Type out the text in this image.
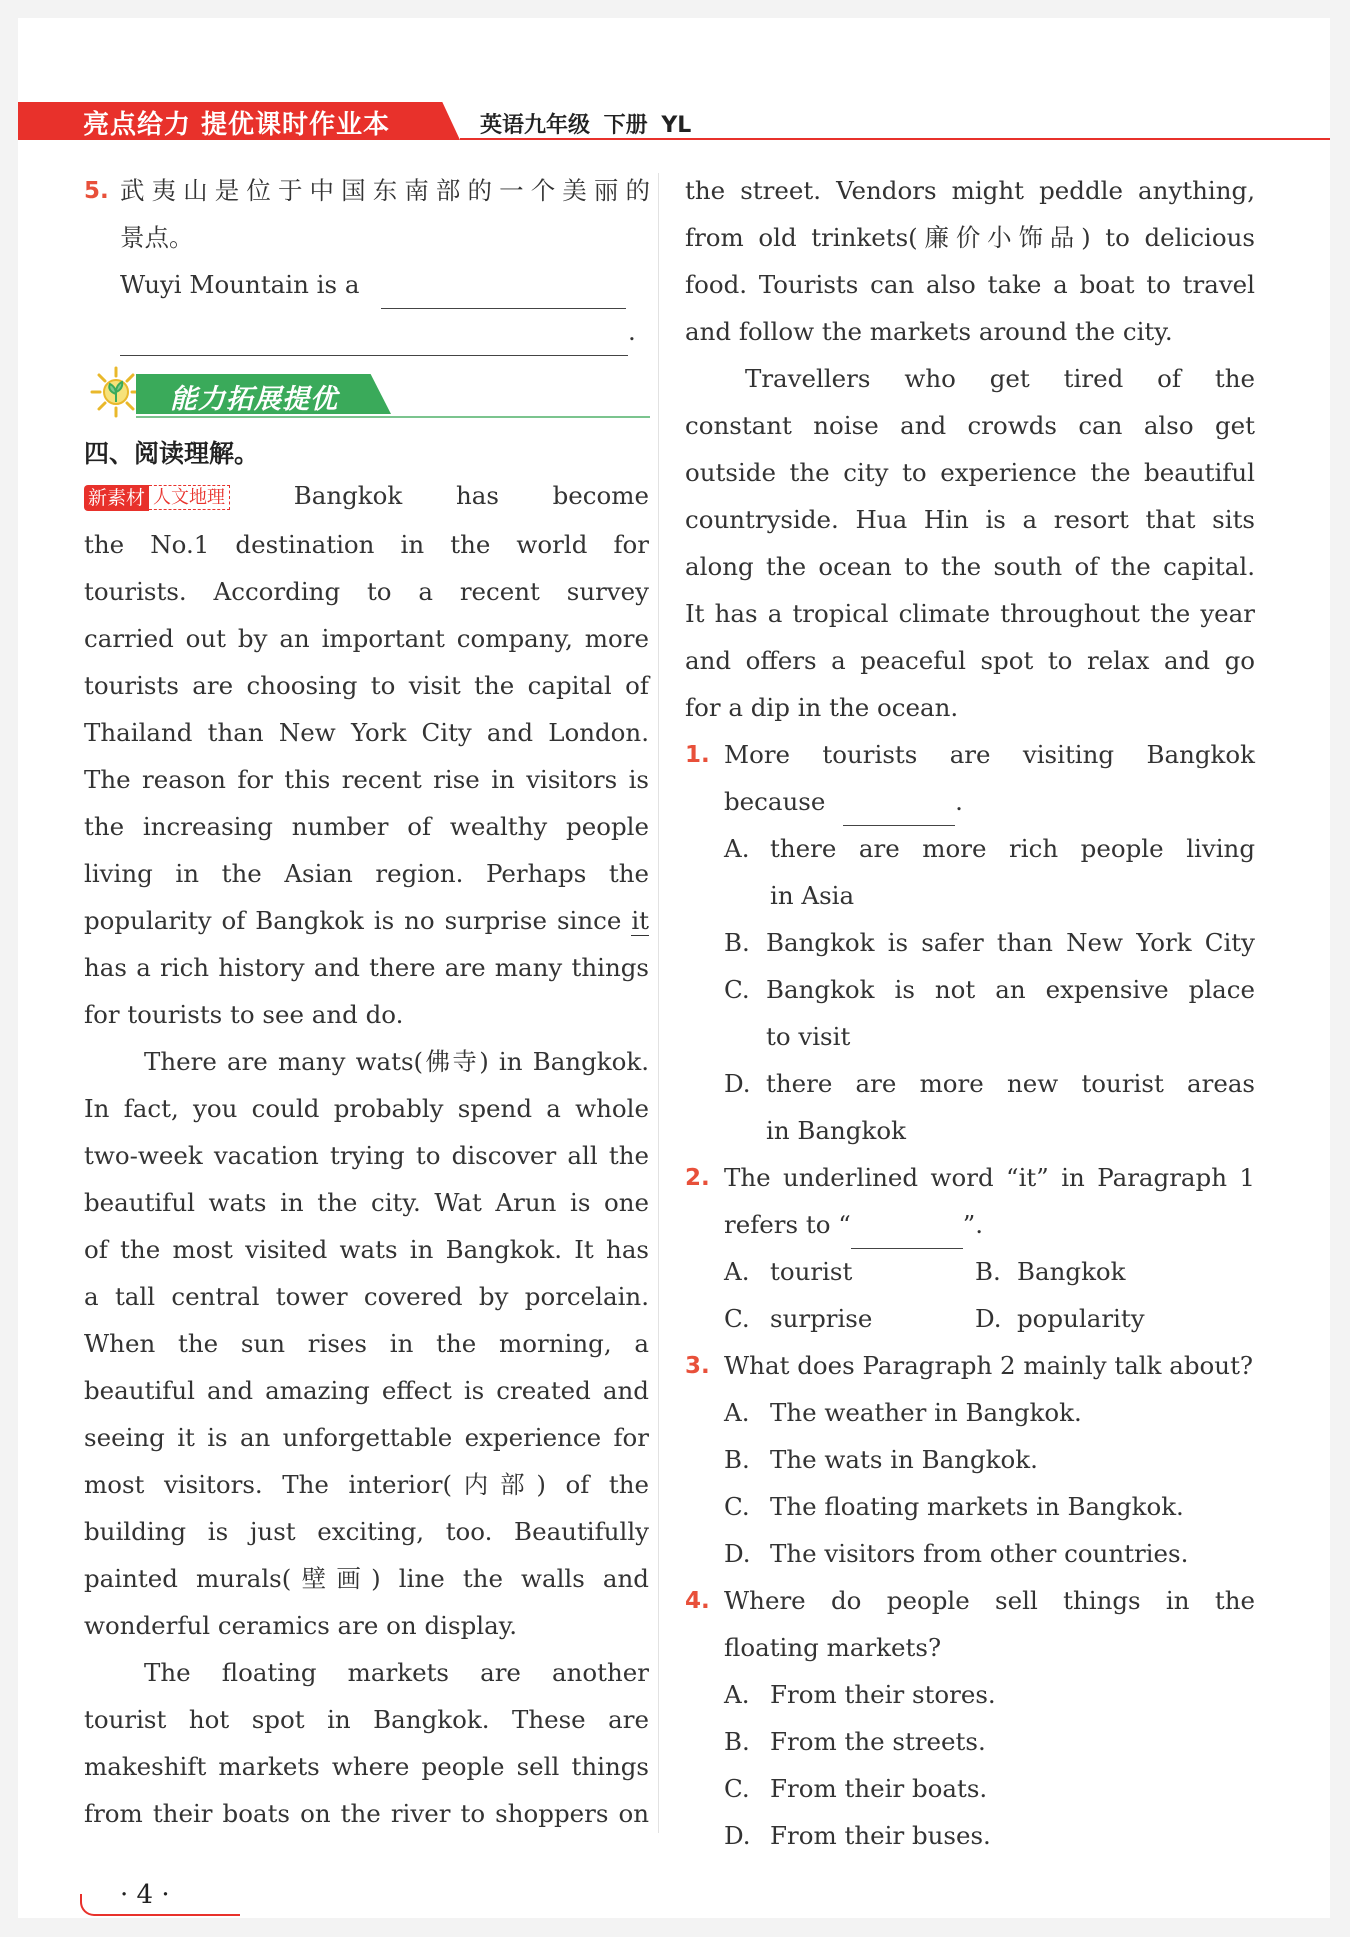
亮点给力 提优课时作业本	英语九年级 下册 YL
5. 武夷山是位于中国东南部的一个美丽的
景点。
Wuyi Mountain is a
.
能力拓展提优
四、阅读理解。
新素材 人文地理	Bangkok has become
the No.1 destination in the world for
tourists. According to a recent survey
carried out by an important company, more
tourists are choosing to visit the capital of
Thailand than New York City and London.
The reason for this recent rise in visitors is
the increasing number of wealthy people
living in the Asian region. Perhaps the
popularity of Bangkok is no surprise since it
has a rich history and there are many things
for tourists to see and do.
There are many wats(佛寺) in Bangkok.
In fact, you could probably spend a whole
two-week vacation trying to discover all the
beautiful wats in the city. Wat Arun is one
of the most visited wats in Bangkok. It has
a tall central tower covered by porcelain.
When the sun rises in the morning, a
beautiful and amazing effect is created and
seeing it is an unforgettable experience for
most visitors. The interior(内部) of the
building is just exciting, too. Beautifully
painted murals(壁画) line the walls and
wonderful ceramics are on display.
The floating markets are another
tourist hot spot in Bangkok. These are
makeshift markets where people sell things
from their boats on the river to shoppers on
the street. Vendors might peddle anything,
from old trinkets(廉价小饰品) to delicious
food. Tourists can also take a boat to travel
and follow the markets around the city.
Travellers who get tired of the
constant noise and crowds can also get
outside the city to experience the beautiful
countryside. Hua Hin is a resort that sits
along the ocean to the south of the capital.
It has a tropical climate throughout the year
and offers a peaceful spot to relax and go
for a dip in the ocean.
1. More tourists are visiting Bangkok
because	.
A. there are more rich people living
in Asia
B. Bangkok is safer than New York City
C. Bangkok is not an expensive place
to visit
D. there are more new tourist areas
in Bangkok
2. The underlined word “it” in Paragraph 1
refers to “	”.
A. tourist	B. Bangkok
C. surprise	D. popularity
3. What does Paragraph 2 mainly talk about?
A. The weather in Bangkok.
B. The wats in Bangkok.
C. The floating markets in Bangkok.
D. The visitors from other countries.
4. Where do people sell things in the
floating markets?
A. From their stores.
B. From the streets.
C. From their boats.
D. From their buses.
· 4 ·
